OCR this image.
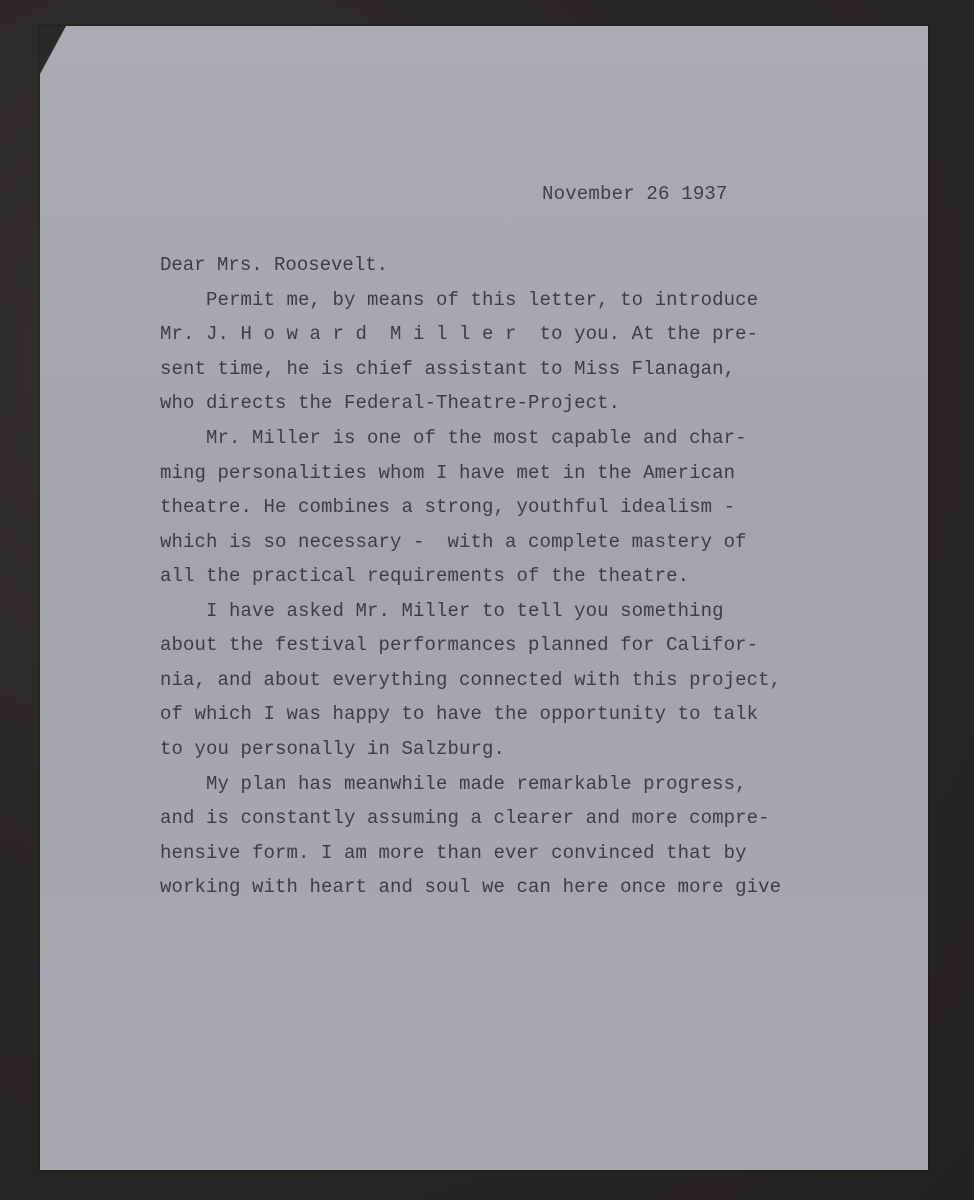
November 26 1937
Dear Mrs. Roosevelt.
Permit me, by means of this letter, to introduce
Mr. J. H o w a r d  M i l l e r  to you. At the pre-
sent time, he is chief assistant to Miss Flanagan,
who directs the Federal-Theatre-Project.
Mr. Miller is one of the most capable and char-
ming personalities whom I have met in the American
theatre. He combines a strong, youthful idealism -
which is so necessary -  with a complete mastery of
all the practical requirements of the theatre.
I have asked Mr. Miller to tell you something
about the festival performances planned for Califor-
nia, and about everything connected with this project,
of which I was happy to have the opportunity to talk
to you personally in Salzburg.
My plan has meanwhile made remarkable progress,
and is constantly assuming a clearer and more compre-
hensive form. I am more than ever convinced that by
working with heart and soul we can here once more give
